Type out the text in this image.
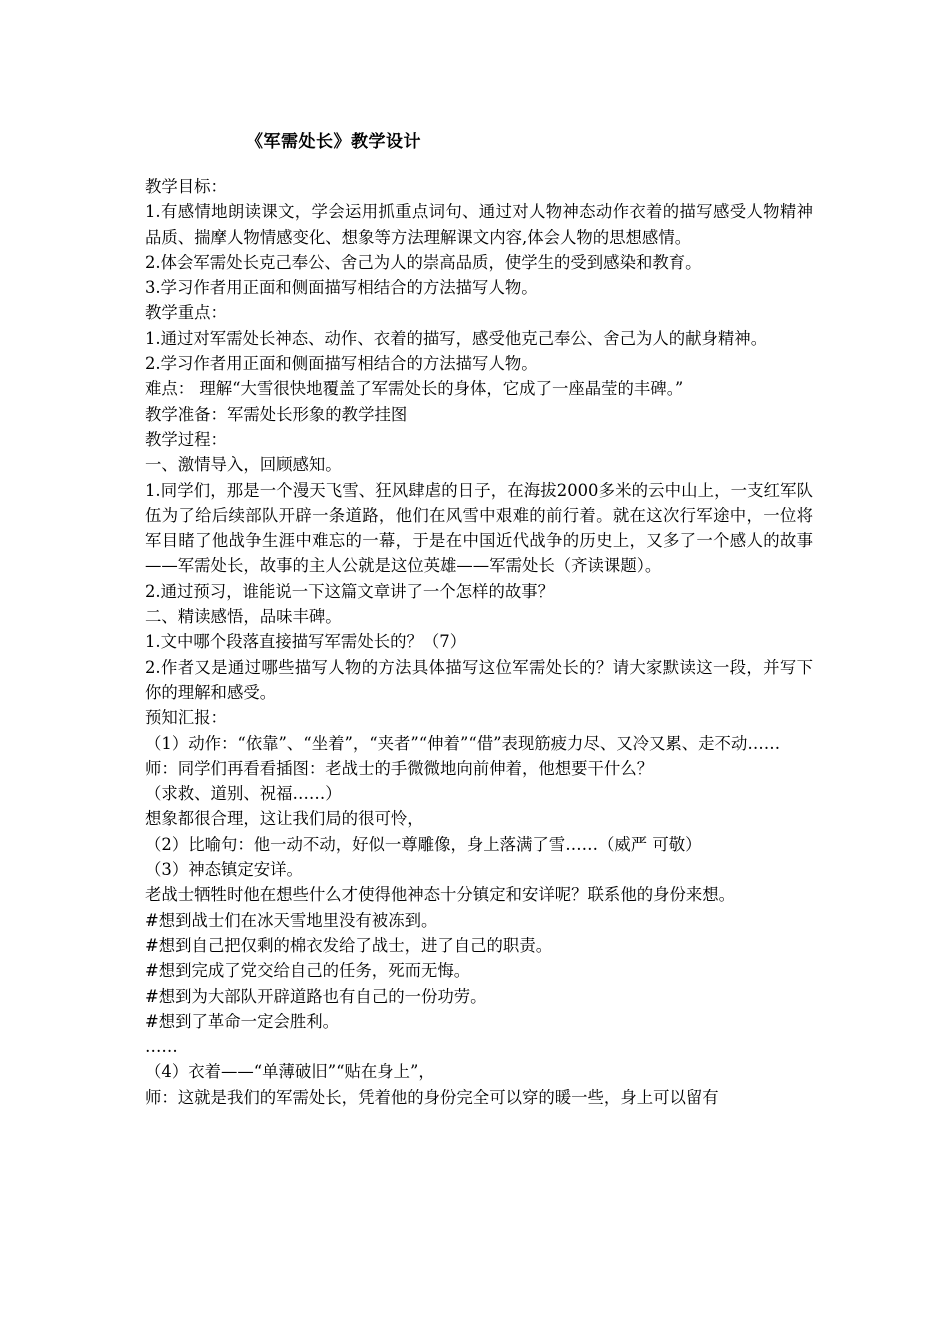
《军需处长》教学设计

教学目标：

1.有感情地朗读课文，学会运用抓重点词句、通过对人物神态动作衣着的描写感受人物精神品质、揣摩人物情感变化、想象等方法理解课文内容,体会人物的思想感情。

2.体会军需处长克己奉公、舍己为人的崇高品质，使学生的受到感染和教育。

3.学习作者用正面和侧面描写相结合的方法描写人物。

教学重点：

1.通过对军需处长神态、动作、衣着的描写，感受他克己奉公、舍己为人的献身精神。

2.学习作者用正面和侧面描写相结合的方法描写人物。

难点： 理解“大雪很快地覆盖了军需处长的身体，它成了一座晶莹的丰碑。”

教学准备：军需处长形象的教学挂图

教学过程：

一、激情导入，回顾感知。

1.同学们，那是一个漫天飞雪、狂风肆虐的日子，在海拔2000多米的云中山上，一支红军队伍为了给后续部队开辟一条道路，他们在风雪中艰难的前行着。就在这次行军途中，一位将军目睹了他战争生涯中难忘的一幕，于是在中国近代战争的历史上，又多了一个感人的故事——军需处长，故事的主人公就是这位英雄——军需处长（齐读课题）。

2.通过预习，谁能说一下这篇文章讲了一个怎样的故事？

二、精读感悟，品味丰碑。

1.文中哪个段落直接描写军需处长的？（7）

2.作者又是通过哪些描写人物的方法具体描写这位军需处长的？请大家默读这一段，并写下你的理解和感受。

预知汇报：

（1）动作：“依靠”、“坐着”，“夹者”“伸着”“借”表现筋疲力尽、又冷又累、走不动……

师：同学们再看看插图：老战士的手微微地向前伸着，他想要干什么？

（求救、道别、祝福……）

想象都很合理，这让我们局的很可怜，

（2）比喻句：他一动不动，好似一尊雕像，身上落满了雪……（威严 可敬）

（3）神态镇定安详。

老战士牺牲时他在想些什么才使得他神态十分镇定和安详呢？联系他的身份来想。

#想到战士们在冰天雪地里没有被冻到。

#想到自己把仅剩的棉衣发给了战士，进了自己的职责。

#想到完成了党交给自己的任务，死而无悔。

#想到为大部队开辟道路也有自己的一份功劳。

#想到了革命一定会胜利。

……

（4）衣着——“单薄破旧”“贴在身上”，

师：这就是我们的军需处长，凭着他的身份完全可以穿的暖一些，身上可以留有
